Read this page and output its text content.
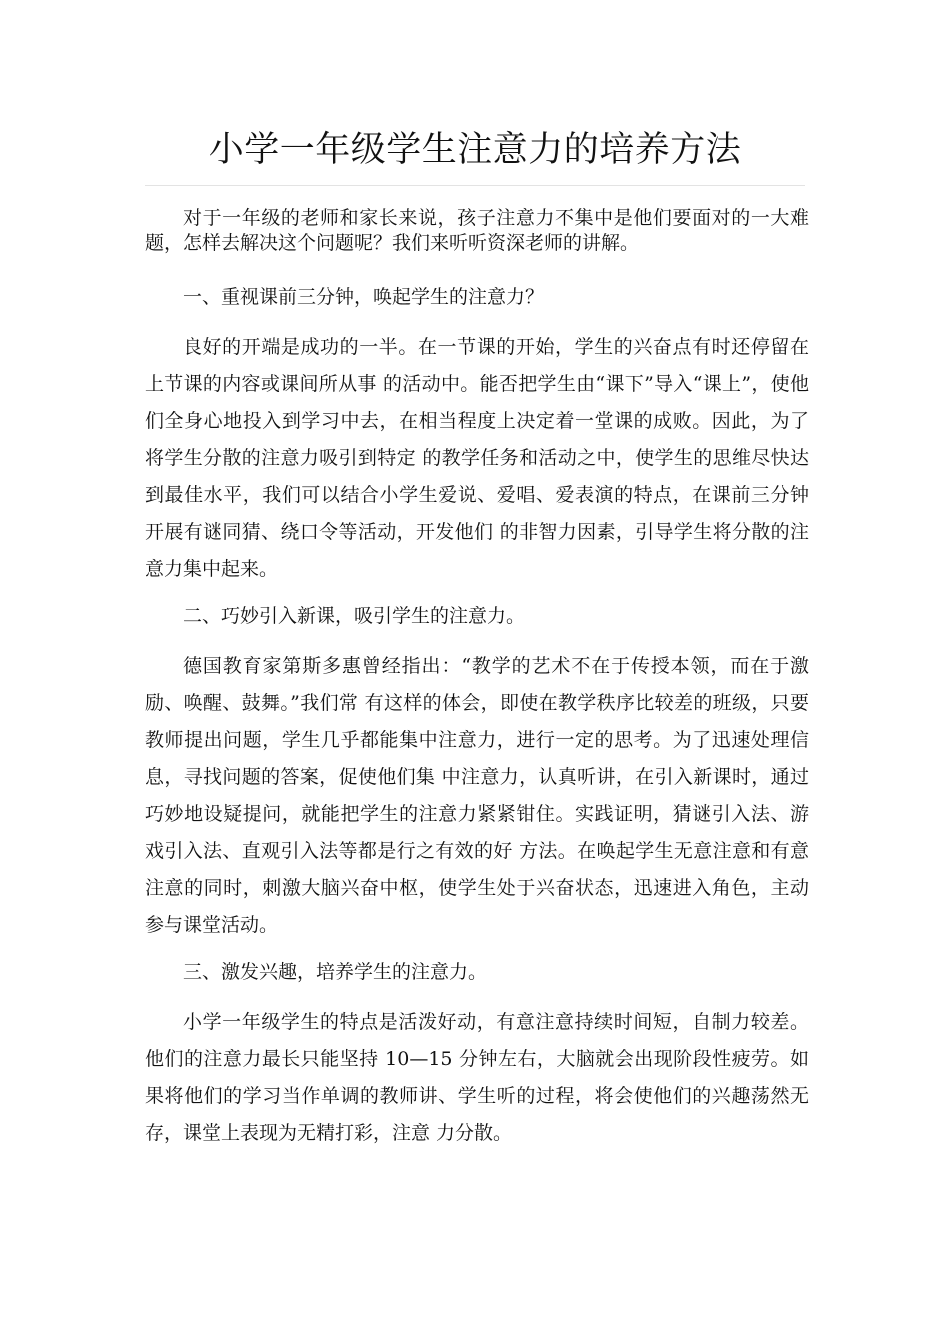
小学一年级学生注意力的培养方法

对于一年级的老师和家长来说，孩子注意力不集中是他们要面对的一大难题，怎样去解决这个问题呢？我们来听听资深老师的讲解。

一、重视课前三分钟，唤起学生的注意力？

良好的开端是成功的一半。在一节课的开始，学生的兴奋点有时还停留在上节课的内容或课间所从事 的活动中。能否把学生由“课下”导入“课上”，使他们全身心地投入到学习中去，在相当程度上决定着一堂课的成败。因此，为了将学生分散的注意力吸引到特定 的教学任务和活动之中，使学生的思维尽快达到最佳水平，我们可以结合小学生爱说、爱唱、爱表演的特点，在课前三分钟开展有谜同猜、绕口令等活动，开发他们 的非智力因素，引导学生将分散的注意力集中起来。

二、巧妙引入新课，吸引学生的注意力。

德国教育家第斯多惠曾经指出：“教学的艺术不在于传授本领，而在于激励、唤醒、鼓舞。”我们常 有这样的体会，即使在教学秩序比较差的班级，只要教师提出问题，学生几乎都能集中注意力，进行一定的思考。为了迅速处理信息，寻找问题的答案，促使他们集 中注意力，认真听讲，在引入新课时，通过巧妙地设疑提问，就能把学生的注意力紧紧钳住。实践证明，猜谜引入法、游戏引入法、直观引入法等都是行之有效的好 方法。在唤起学生无意注意和有意注意的同时，刺激大脑兴奋中枢，使学生处于兴奋状态，迅速进入角色，主动参与课堂活动。

三、激发兴趣，培养学生的注意力。

小学一年级学生的特点是活泼好动，有意注意持续时间短，自制力较差。他们的注意力最长只能坚持 10—15 分钟左右，大脑就会出现阶段性疲劳。如果将他们的学习当作单调的教师讲、学生听的过程，将会使他们的兴趣荡然无存，课堂上表现为无精打彩，注意 力分散。
